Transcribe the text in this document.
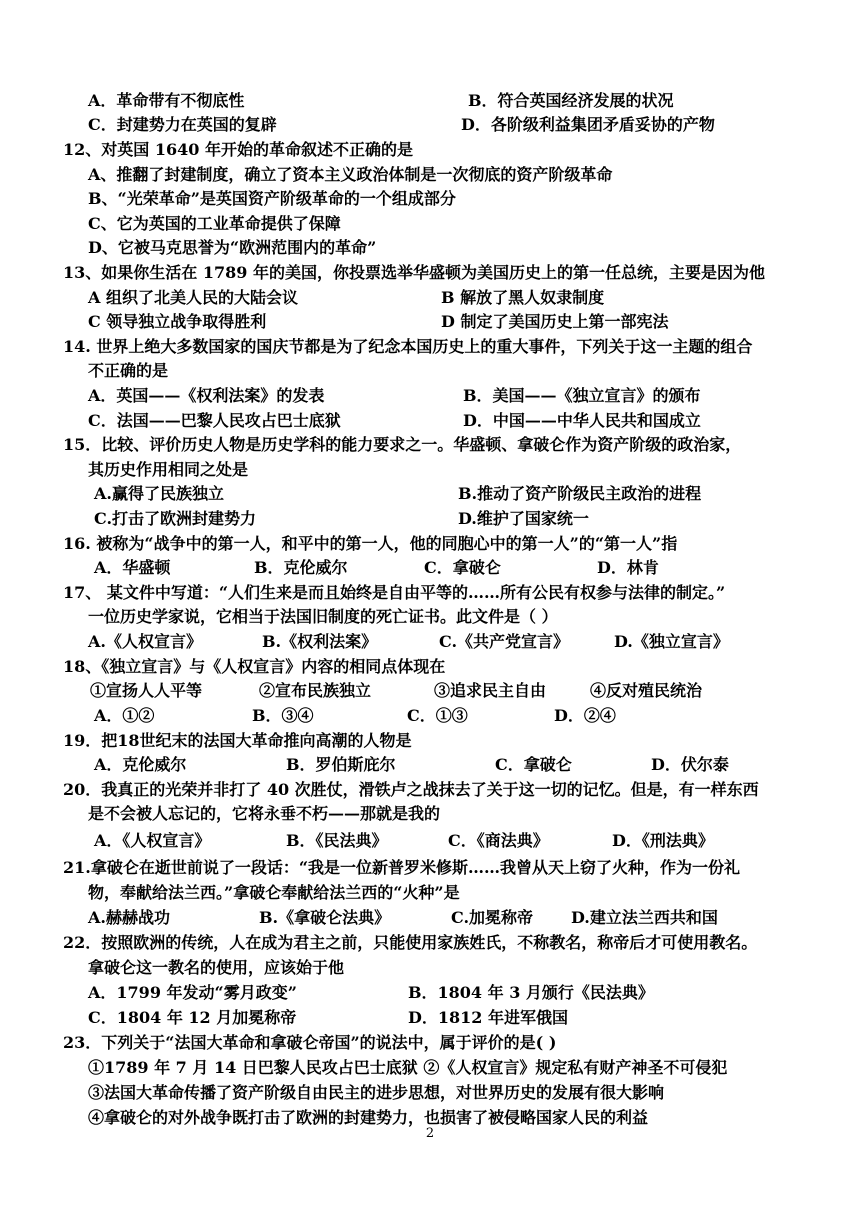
A．革命带有不彻底性	B．符合英国经济发展的状况
C．封建势力在英国的复辟	D．各阶级利益集团矛盾妥协的产物
12、对英国 1640 年开始的革命叙述不正确的是
A、推翻了封建制度，确立了资本主义政治体制是一次彻底的资产阶级革命
B、“光荣革命”是英国资产阶级革命的一个组成部分
C、它为英国的工业革命提供了保障
D、它被马克思誉为“欧洲范围内的革命”
13、如果你生活在 1789 年的美国，你投票选举华盛顿为美国历史上的第一任总统，主要是因为他
A 组织了北美人民的大陆会议	B 解放了黑人奴隶制度
C 领导独立战争取得胜利	D 制定了美国历史上第一部宪法
14. 世界上绝大多数国家的国庆节都是为了纪念本国历史上的重大事件，下列关于这一主题的组合
不正确的是
A．英国——《权利法案》的发表	B．美国——《独立宣言》的颁布
C．法国——巴黎人民攻占巴士底狱	D．中国——中华人民共和国成立
15．比较、评价历史人物是历史学科的能力要求之一。华盛顿、拿破仑作为资产阶级的政治家，
其历史作用相同之处是
A.赢得了民族独立	B.推动了资产阶级民主政治的进程
C.打击了欧洲封建势力	D.维护了国家统一
16. 被称为“战争中的第一人，和平中的第一人，他的同胞心中的第一人”的“第一人”指
A．华盛顿	B．克伦威尔	C．拿破仑	D．林肯
17、 某文件中写道：“人们生来是而且始终是自由平等的……所有公民有权参与法律的制定。”
一位历史学家说，它相当于法国旧制度的死亡证书。此文件是（ ）
A.《人权宣言》	B.《权利法案》	C.《共产党宣言》	D.《独立宣言》
18、《独立宣言》与《人权宣言》内容的相同点体现在
①宣扬人人平等	②宣布民族独立	③追求民主自由	④反对殖民统治
A．①②	B．③④	C．①③	D．②④
19．把18世纪末的法国大革命推向高潮的人物是
A．克伦威尔	B．罗伯斯庇尔	C．拿破仑	D．伏尔泰
20．我真正的光荣并非打了 40 次胜仗，滑铁卢之战抹去了关于这一切的记忆。但是，有一样东西
是不会被人忘记的，它将永垂不朽——那就是我的
A．《人权宣言》	B．《民法典》	C．《商法典》	D．《刑法典》
21.拿破仑在逝世前说了一段话：“我是一位新普罗米修斯……我曾从天上窃了火种，作为一份礼
物，奉献给法兰西。”拿破仑奉献给法兰西的“火种”是
A.赫赫战功	B.《拿破仑法典》	C.加冕称帝 D.建立法兰西共和国
22．按照欧洲的传统，人在成为君主之前，只能使用家族姓氏，不称教名，称帝后才可使用教名。
拿破仑这一教名的使用，应该始于他
A．1799 年发动“雾月政变”	B．1804 年 3 月颁行《民法典》
C．1804 年 12 月加冕称帝	D．1812 年进军俄国
23．下列关于“法国大革命和拿破仑帝国”的说法中，属于评价的是( )
①1789 年 7 月 14 日巴黎人民攻占巴士底狱 ②《人权宣言》规定私有财产神圣不可侵犯
③法国大革命传播了资产阶级自由民主的进步思想，对世界历史的发展有很大影响
④拿破仑的对外战争既打击了欧洲的封建势力，也损害了被侵略国家人民的利益
2
